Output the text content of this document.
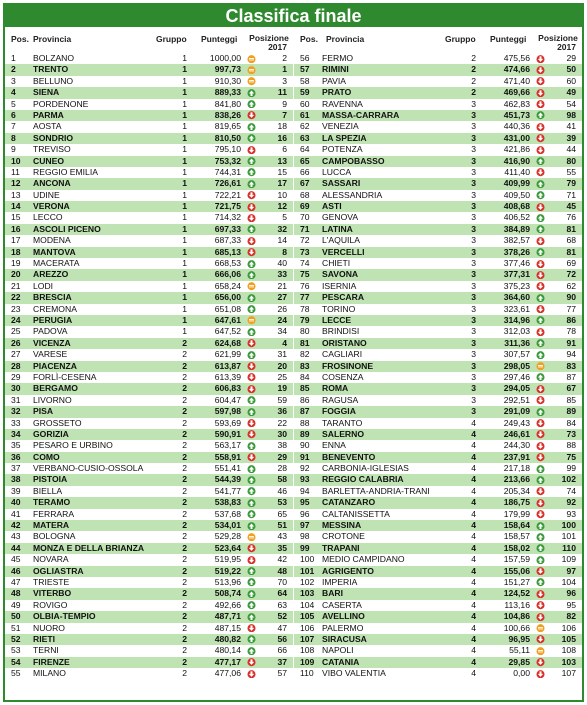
Classifica finale
Pos. Provincia	Gruppo Punteggi Posizione
2017
1 BOLZANO	1	1000,00	2
2 TRENTO	1	997,73	1
3 BELLUNO	1	910,30	3
4 SIENA	1	889,33	11
5 PORDENONE	1	841,80	9
6 PARMA	1	838,26	7
7 AOSTA	1	819,65	18
8 SONDRIO	1	810,50	16
9 TREVISO	1	795,10	6
10 CUNEO	1	753,32	13
11 REGGIO EMILIA	1	744,31	15
12 ANCONA	1	726,61	17
13 UDINE	1	722,21	10
14 VERONA	1	721,75	12
15 LECCO	1	714,32	5
16 ASCOLI PICENO	1	697,33	32
17 MODENA	1	687,33	14
18 MANTOVA	1	685,13	8
19 MACERATA	1	668,53	40
20 AREZZO	1	666,06	33
21 LODI	1	658,24	21
22 BRESCIA	1	656,00	27
23 CREMONA	1	651,08	26
24 PERUGIA	1	647,61	24
25 PADOVA	1	647,52	34
26 VICENZA	2	624,68	4
27 VARESE	2	621,99	31
28 PIACENZA	2	613,87	20
29 FORLÌ-CESENA	2	613,39	25
30 BERGAMO	2	606,83	19
31 LIVORNO	2	604,47	59
32 PISA	2	597,98	36
33 GROSSETO	2	593,69	22
34 GORIZIA	2	590,91	30
35 PESARO E URBINO	2	563,17	38
36 COMO	2	558,91	29
37 VERBANO-CUSIO-OSSOLA	2	551,41	28
38 PISTOIA	2	544,39	58
39 BIELLA	2	541,77	46
40 TERAMO	2	538,83	53
41 FERRARA	2	537,68	65
42 MATERA	2	534,01	51
43 BOLOGNA	2	529,28	43
44 MONZA E DELLA BRIANZA	2	523,64	35
45 NOVARA	2	519,95	42
46 OGLIASTRA	2	519,22	48
47 TRIESTE	2	513,96	70
48 VITERBO	2	508,74	64
49 ROVIGO	2	492,66	63
50 OLBIA-TEMPIO	2	487,71	52
51 NUORO	2	487,15	47
52 RIETI	2	480,82	56
53 TERNI	2	480,14	66
54 FIRENZE	2	477,17	37
55 MILANO	2	477,06	57
Pos. Provincia	Gruppo Punteggi Posizione
2017
56 FERMO	2	475,56	29
57 RIMINI	2	474,66	50
58 PAVIA	2	471,40	60
59 PRATO	2	469,66	49
60 RAVENNA	3	462,83	54
61 MASSA-CARRARA	3	451,73	98
62 VENEZIA	3	440,36	41
63 LA SPEZIA	3	431,00	39
64 POTENZA	3	421,86	44
65 CAMPOBASSO	3	416,90	80
66 LUCCA	3	411,40	55
67 SASSARI	3	409,99	79
68 ALESSANDRIA	3	409,50	71
69 ASTI	3	408,68	45
70 GENOVA	3	406,52	76
71 LATINA	3	384,89	81
72 L'AQUILA	3	382,57	68
73 VERCELLI	3	378,26	81
74 CHIETI	3	377,46	69
75 SAVONA	3	377,31	72
76 ISERNIA	3	375,23	62
77 PESCARA	3	364,60	90
78 TORINO	3	323,61	77
79 LECCE	3	314,96	86
80 BRINDISI	3	312,03	78
81 ORISTANO	3	311,36	91
82 CAGLIARI	3	307,57	94
83 FROSINONE	3	298,05	83
84 COSENZA	3	297,46	87
85 ROMA	3	294,05	67
86 RAGUSA	3	292,51	85
87 FOGGIA	3	291,09	89
88 TARANTO	4	249,43	84
89 SALERNO	4	246,61	73
90 ENNA	4	244,30	88
91 BENEVENTO	4	237,91	75
92 CARBONIA-IGLESIAS	4	217,18	99
93 REGGIO CALABRIA	4	213,66	102
94 BARLETTA-ANDRIA-TRANI	4	205,34	74
95 CATANZARO	4	186,75	92
96 CALTANISSETTA	4	179,99	93
97 MESSINA	4	158,64	100
98 CROTONE	4	158,57	101
99 TRAPANI	4	158,02	110
100 MEDIO CAMPIDANO	4	157,59	109
101 AGRIGENTO	4	155,06	97
102 IMPERIA	4	151,27	104
103 BARI	4	124,52	96
104 CASERTA	4	113,16	95
105 AVELLINO	4	104,86	82
106 PALERMO	4	100,66	106
107 SIRACUSA	4	96,95	105
108 NAPOLI	4	55,11	108
109 CATANIA	4	29,85	103
110 VIBO VALENTIA	4	0,00	107
